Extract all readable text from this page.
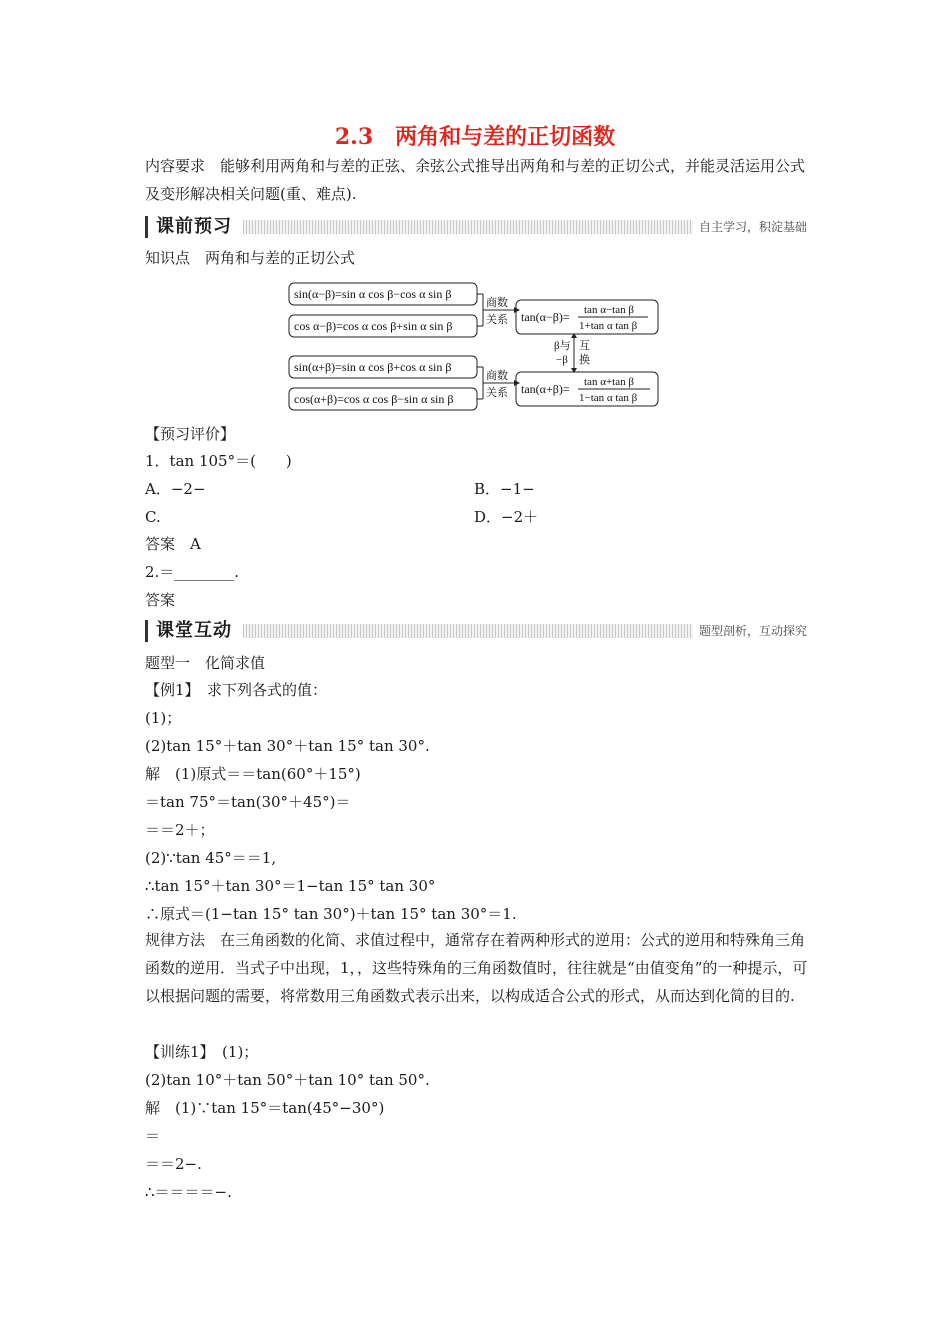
2.3　两角和与差的正切函数
内容要求　能够利用两角和与差的正弦、余弦公式推导出两角和与差的正切公式，并能灵活运用公式及变形解决相关问题(重、难点).
课前预习	自主学习，积淀基础
知识点　两角和与差的正切公式
sin(α−β)=sin α cos β−cos α sin β
cos α−β)=cos α cos β+sin α sin β
sin(α+β)=sin α cos β+cos α sin β
cos(α+β)=cos α cos β−sin α sin β
商数
关系
商数
关系
β与
−β
互
换
tan(α−β)= tan α−tan β
1+tan α tan β
tan(α+β)= tan α+tan β
1−tan α tan β
【预习评价】
1．tan 105°＝(　　)
A．−2−	B．−1−
C.	D．−2＋
答案　A
2.＝________.
答案
课堂互动	题型剖析，互动探究
题型一　化简求值
【例1】　求下列各式的值：
(1)；
(2)tan 15°＋tan 30°＋tan 15° tan 30°.
解　(1)原式＝＝tan(60°＋15°)
＝tan 75°＝tan(30°＋45°)＝
＝＝2＋；
(2)∵tan 45°＝＝1,
∴tan 15°＋tan 30°＝1−tan 15° tan 30°
∴原式＝(1−tan 15° tan 30°)＋tan 15° tan 30°＝1.
规律方法　在三角函数的化简、求值过程中，通常存在着两种形式的逆用：公式的逆用和特殊角三角函数的逆用．当式子中出现，1，，这些特殊角的三角函数值时，往往就是“由值变角”的一种提示，可以根据问题的需要，将常数用三角函数式表示出来，以构成适合公式的形式，从而达到化简的目的.
【训练1】　(1)；
(2)tan 10°＋tan 50°＋tan 10° tan 50°.
解　(1)∵tan 15°＝tan(45°−30°)
＝
＝＝2−.
∴＝＝＝＝−.
